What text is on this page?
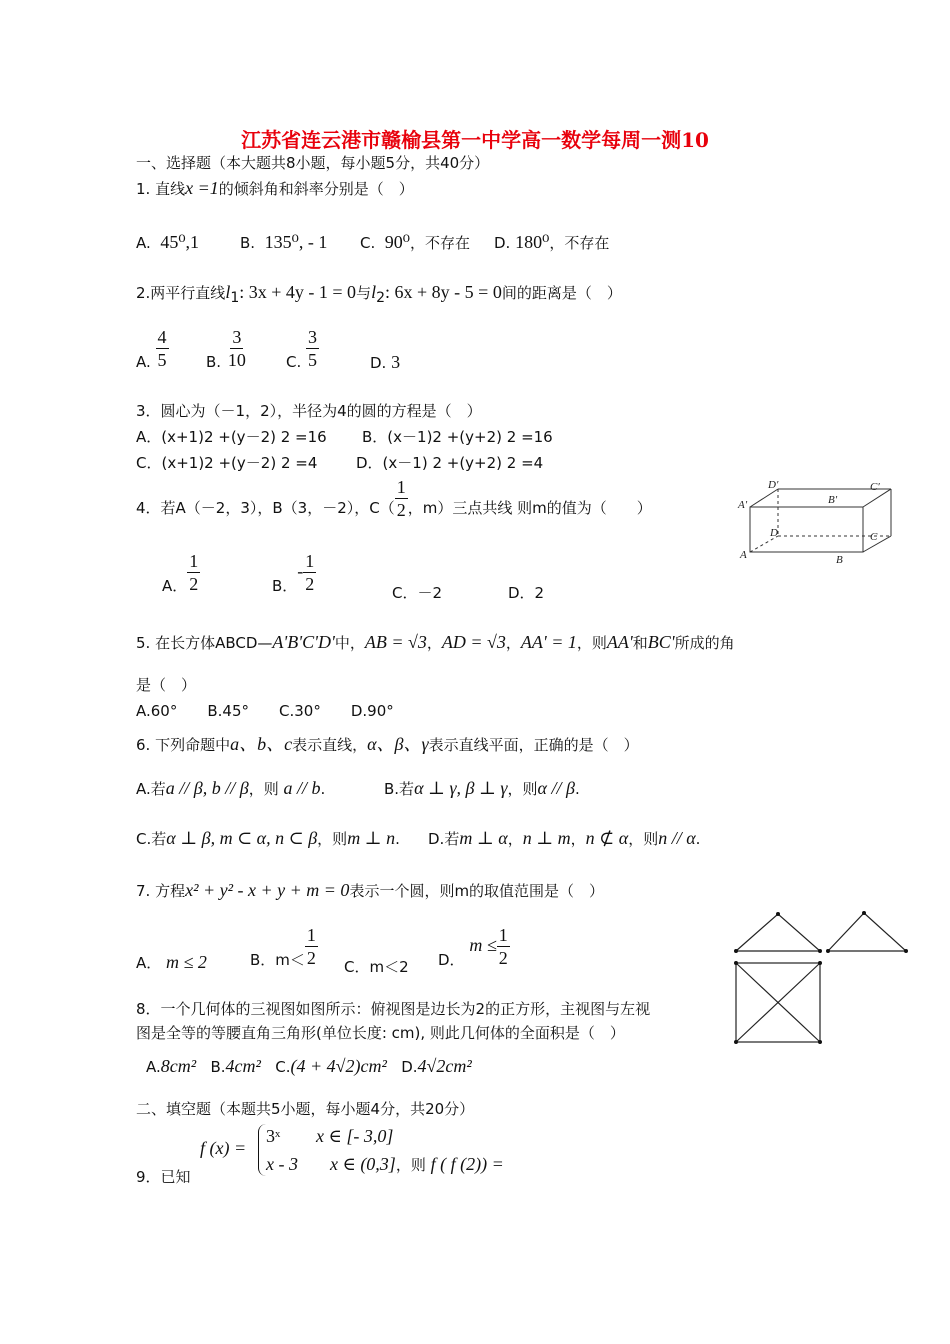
江苏省连云港市赣榆县第一中学高一数学每周一测10
一、选择题（本大题共8小题，每小题5分，共40分）
1. 直线x =1的倾斜角和斜率分别是（　）
A. 45⁰,1	B. 135⁰, - 1 C. 90⁰，不存在 D. 180⁰，不存在
2.两平行直线$l_1$: 3x + 4y - 1 = 0与$l_2$: 6x + 8y - 5 = 0间的距离是（　）
A. $\frac{4}{5} B$. $\frac{3}{10}$	C. $\frac{3}{5}$	D. 3
3．圆心为（－1，2），半径为4的圆的方程是（　）
A．(x+1)2 +(y－2) 2 =16 B．(x－1)2 +(y+2) 2 =16
C．(x+1)2 +(y－2) 2 =4	D．(x－1) 2 +(y+2) 2 =4
4．若A（－2，3），B（3，－2），$C( \frac{1}{2}$ ，m）三点共线 则m的值为（　　）
A． $\frac{1}{2}$	B．- $\frac{1}{2}$	C．－2	D．2
D′	C′
A′	B′
D	C
A	B
5. 在长方体ABCD—A'B'C'D'中，AB = √3，AD = √3，AA' = 1，则AA'和BC'所成的角
是（　）
A.60°　　B.45°　　C.30°　　D.90°
6. 下列命题中a、b、c表示直线，α、β、γ表示直线平面，正确的是（　）
A.若a // β, b // β，则 a // b.	B.若α ⊥ γ, β ⊥ γ，则α // β.
C.若α ⊥ β, m ⊂ α, n ⊂ β，则m ⊥ n. D.若m ⊥ α，n ⊥ m，n ⊄ α，则n // α.
7. 方程x² + y² - x + y + m = 0表示一个圆，则m的取值范围是（　）
A． m ≤ 2	B．$m< \frac{1}{2}$ C．m＜2 D． $m \le \frac{1}{2}$
8．一个几何体的三视图如图所示：俯视图是边长为2的正方形，主视图与左视
图是全等的等腰直角三角形(单位长度: cm), 则此几何体的全面积是（　）
A.8cm² B.4cm² C.(4 + 4√2)cm² D.4√2cm²
二、填空题（本题共5小题，每小题4分，共20分）
9．已知
f (x) =
3ˣ x ∈ [- 3,0]
x - 3 x ∈ (0,3]，则 f ( f (2)) =
